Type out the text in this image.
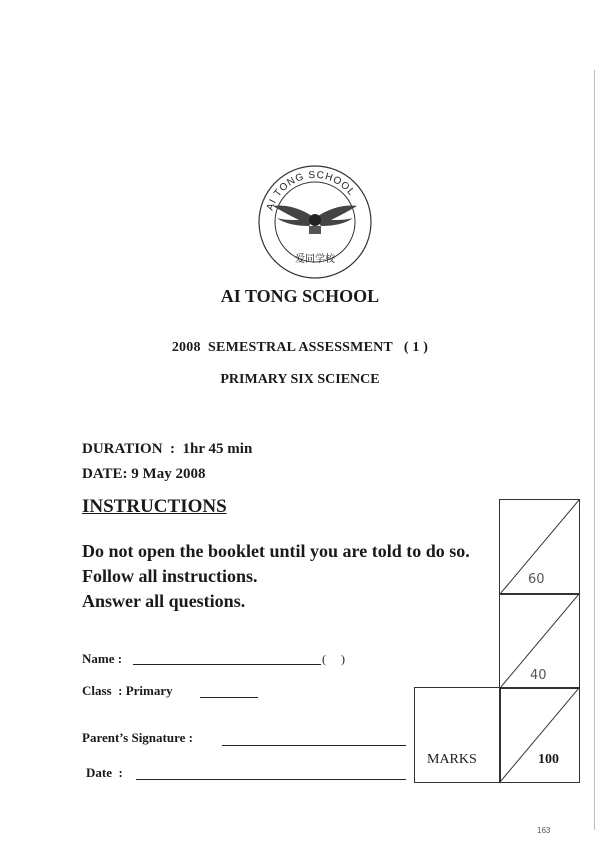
AI TONG SCHOOL
爱同学校
AI TONG SCHOOL
2008  SEMESTRAL ASSESSMENT   ( 1 )
PRIMARY SIX SCIENCE
DURATION  :  1hr 45 min
DATE: 9 May 2008
INSTRUCTIONS
Do not open the booklet until you are told to do so.
Follow all instructions.
Answer all questions.
Name :	(     )
Class  : Primary
Parent’s Signature :
Date  :
60
40
MARKS	100
163
